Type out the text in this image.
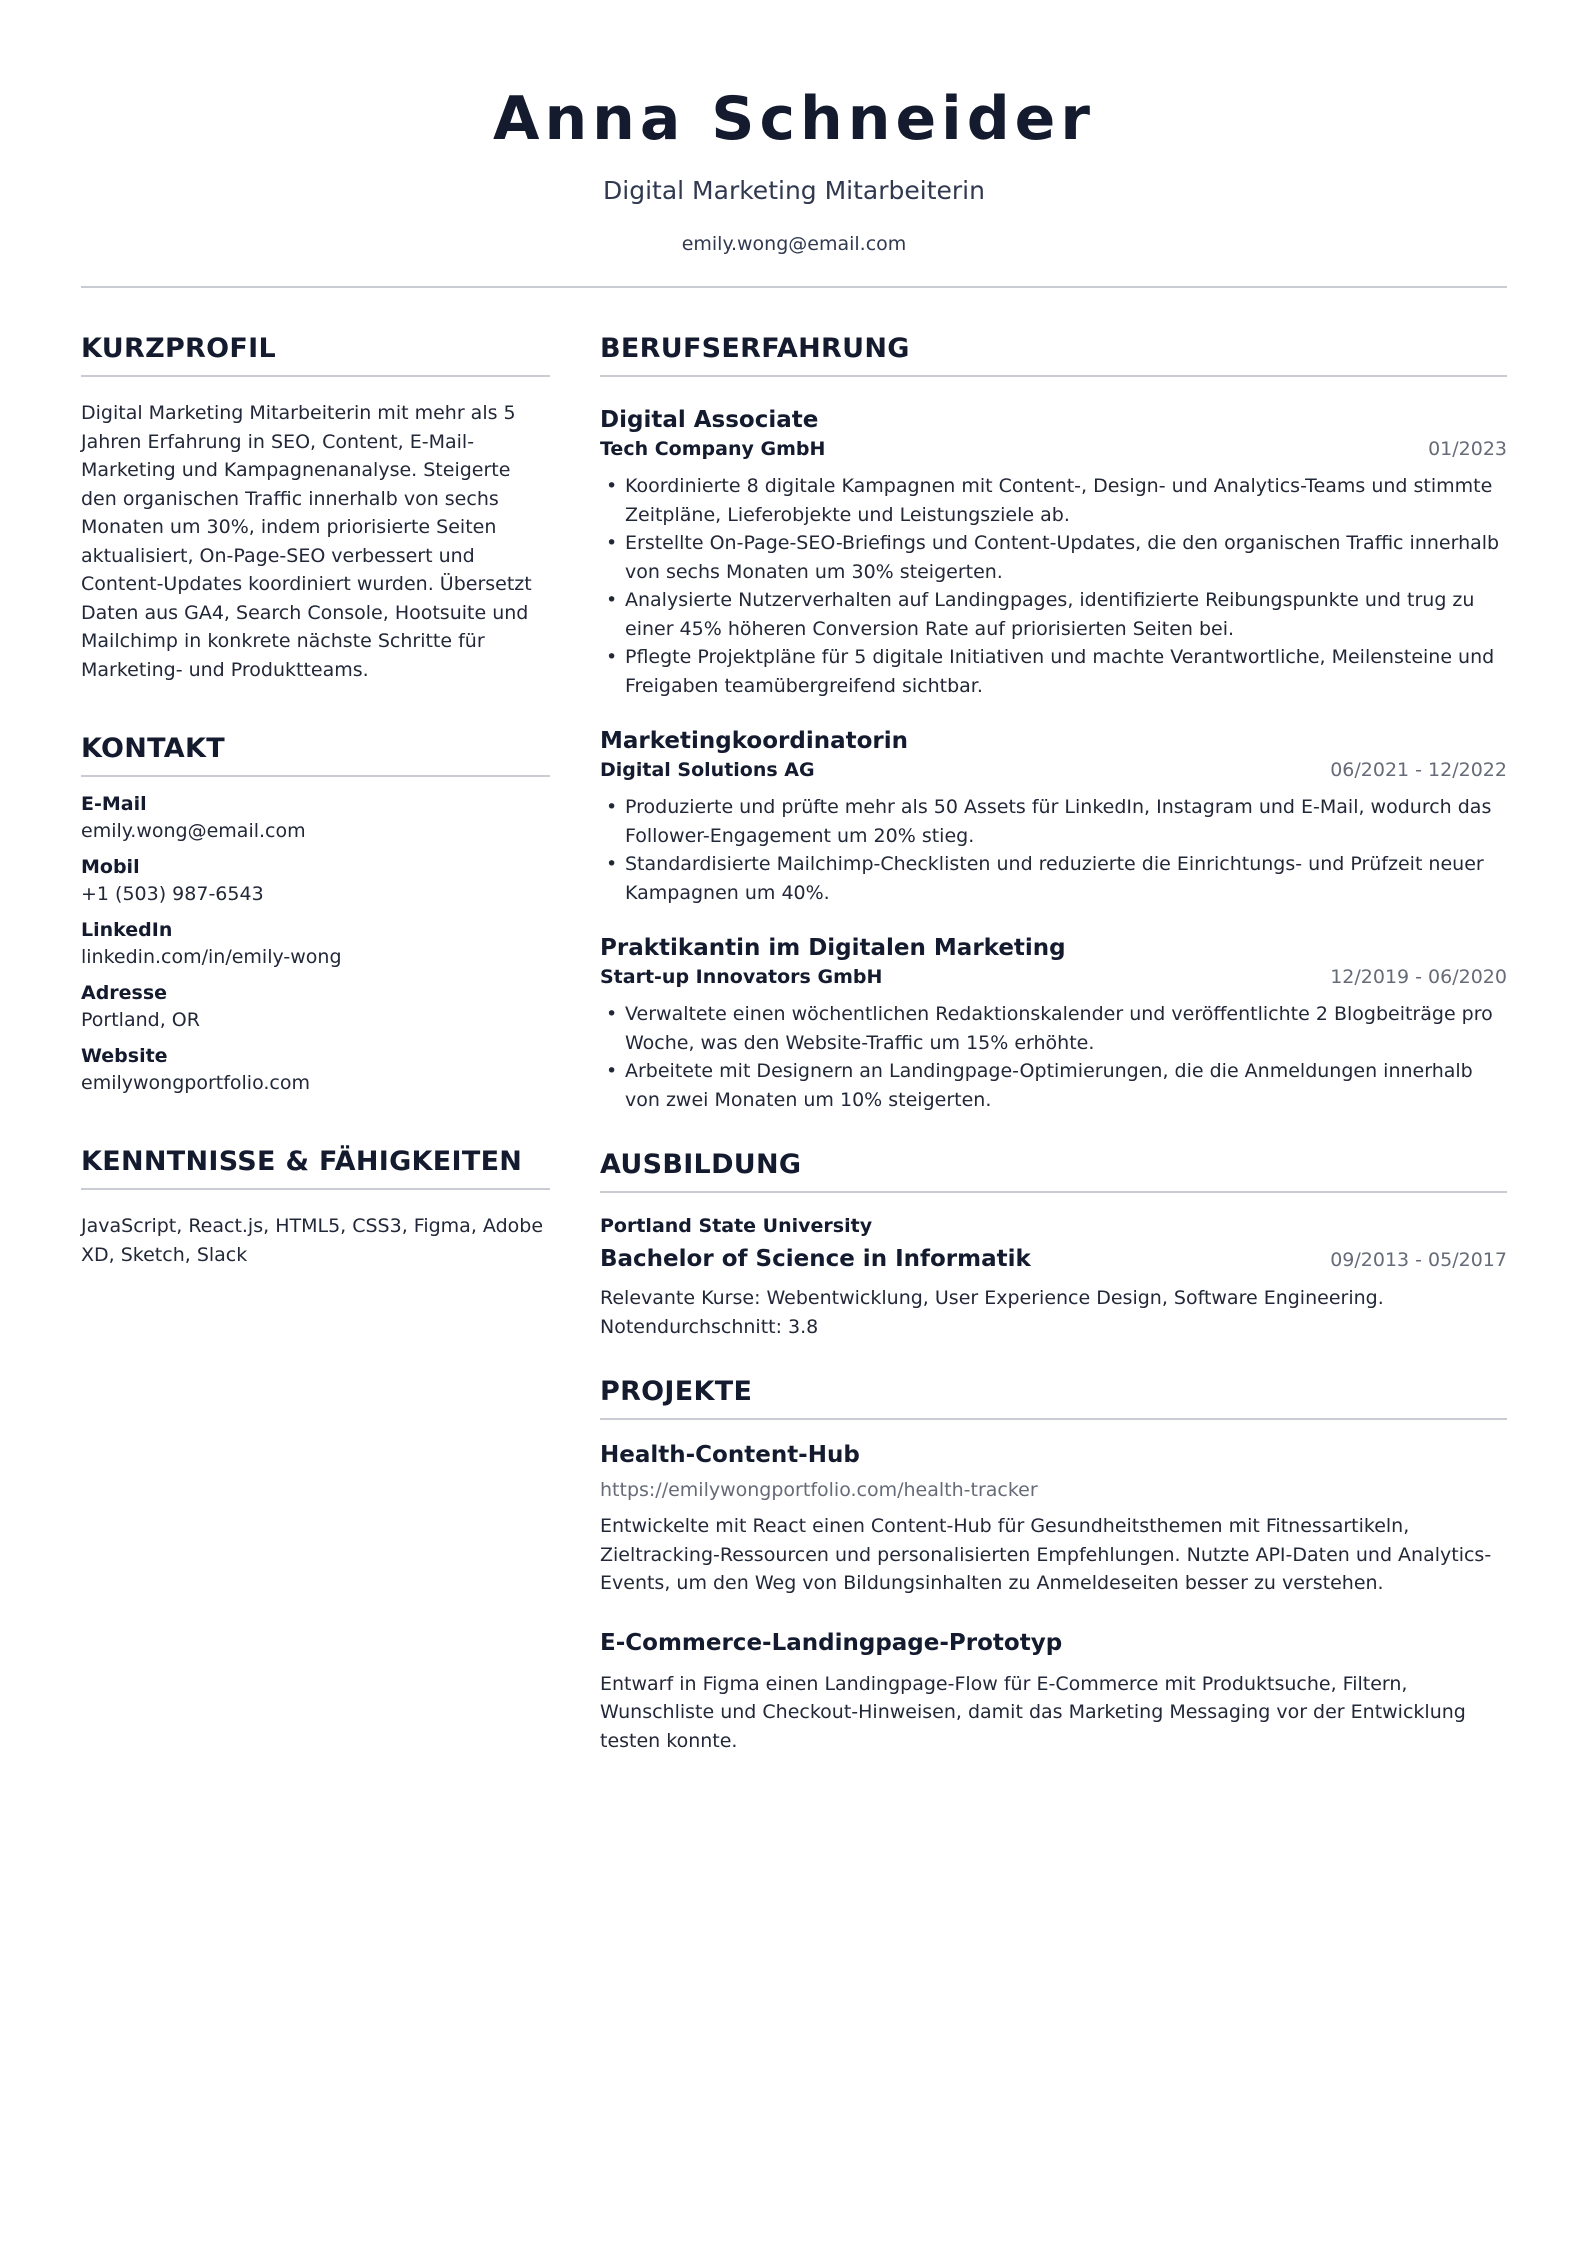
Anna Schneider
Digital Marketing Mitarbeiterin
emily.wong@email.com
KURZPROFIL
Digital Marketing Mitarbeiterin mit mehr als 5 Jahren Erfahrung in SEO, Content, E-Mail-Marketing und Kampagnenanalyse. Steigerte den organischen Traffic innerhalb von sechs Monaten um 30%, indem priorisierte Seiten aktualisiert, On-Page-SEO verbessert und Content-Updates koordiniert wurden. Übersetzt Daten aus GA4, Search Console, Hootsuite und Mailchimp in konkrete nächste Schritte für Marketing- und Produktteams.
KONTAKT
E-Mail
emily.wong@email.com
Mobil
+1 (503) 987-6543
LinkedIn
linkedin.com/in/emily-wong
Adresse
Portland, OR
Website
emilywongportfolio.com
KENNTNISSE & FÄHIGKEITEN
JavaScript, React.js, HTML5, CSS3, Figma, Adobe XD, Sketch, Slack
BERUFSERFAHRUNG
Digital Associate
Tech Company GmbH	01/2023
• Koordinierte 8 digitale Kampagnen mit Content-, Design- und Analytics-Teams und stimmte Zeitpläne, Lieferobjekte und Leistungsziele ab.
• Erstellte On-Page-SEO-Briefings und Content-Updates, die den organischen Traffic innerhalb von sechs Monaten um 30% steigerten.
• Analysierte Nutzerverhalten auf Landingpages, identifizierte Reibungspunkte und trug zu einer 45% höheren Conversion Rate auf priorisierten Seiten bei.
• Pflegte Projektpläne für 5 digitale Initiativen und machte Verantwortliche, Meilensteine und Freigaben teamübergreifend sichtbar.
Marketingkoordinatorin
Digital Solutions AG	06/2021 - 12/2022
• Produzierte und prüfte mehr als 50 Assets für LinkedIn, Instagram und E-Mail, wodurch das Follower-Engagement um 20% stieg.
• Standardisierte Mailchimp-Checklisten und reduzierte die Einrichtungs- und Prüfzeit neuer Kampagnen um 40%.
Praktikantin im Digitalen Marketing
Start-up Innovators GmbH	12/2019 - 06/2020
• Verwaltete einen wöchentlichen Redaktionskalender und veröffentlichte 2 Blogbeiträge pro Woche, was den Website-Traffic um 15% erhöhte.
• Arbeitete mit Designern an Landingpage-Optimierungen, die die Anmeldungen innerhalb von zwei Monaten um 10% steigerten.
AUSBILDUNG
Portland State University
Bachelor of Science in Informatik	09/2013 - 05/2017
Relevante Kurse: Webentwicklung, User Experience Design, Software Engineering. Notendurchschnitt: 3.8
PROJEKTE
Health-Content-Hub
https://emilywongportfolio.com/health-tracker
Entwickelte mit React einen Content-Hub für Gesundheitsthemen mit Fitnessartikeln, Zieltracking-Ressourcen und personalisierten Empfehlungen. Nutzte API-Daten und Analytics-Events, um den Weg von Bildungsinhalten zu Anmeldeseiten besser zu verstehen.
E-Commerce-Landingpage-Prototyp
Entwarf in Figma einen Landingpage-Flow für E-Commerce mit Produktsuche, Filtern, Wunschliste und Checkout-Hinweisen, damit das Marketing Messaging vor der Entwicklung testen konnte.
